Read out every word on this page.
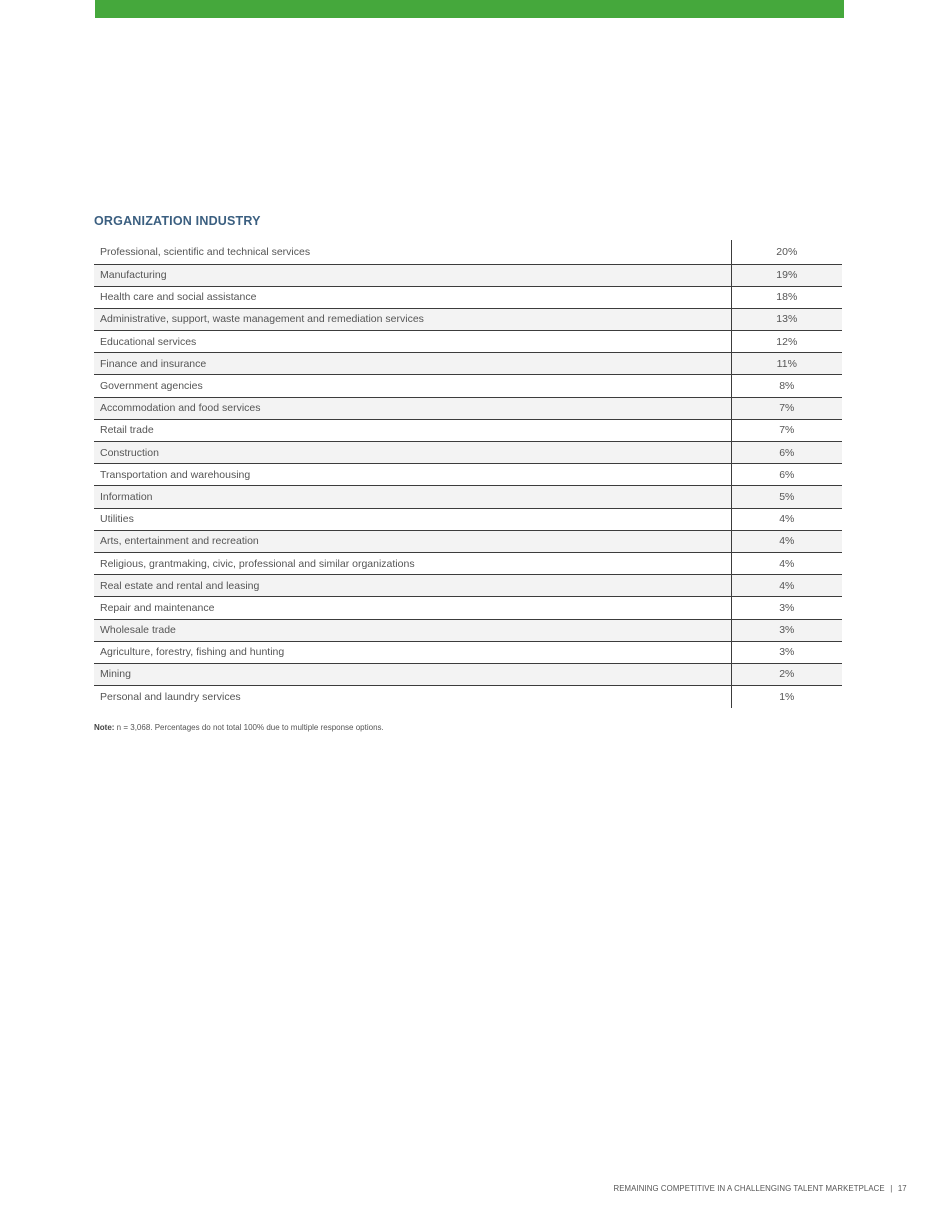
ORGANIZATION INDUSTRY
Professional, scientific and technical services	20%
Manufacturing	19%
Health care and social assistance	18%
Administrative, support, waste management and remediation services	13%
Educational services	12%
Finance and insurance	11%
Government agencies	8%
Accommodation and food services	7%
Retail trade	7%
Construction	6%
Transportation and warehousing	6%
Information	5%
Utilities	4%
Arts, entertainment and recreation	4%
Religious, grantmaking, civic, professional and similar organizations	4%
Real estate and rental and leasing	4%
Repair and maintenance	3%
Wholesale trade	3%
Agriculture, forestry, fishing and hunting	3%
Mining	2%
Personal and laundry services	1%
Note: n = 3,068. Percentages do not total 100% due to multiple response options.
REMAINING COMPETITIVE IN A CHALLENGING TALENT MARKETPLACE | 17
